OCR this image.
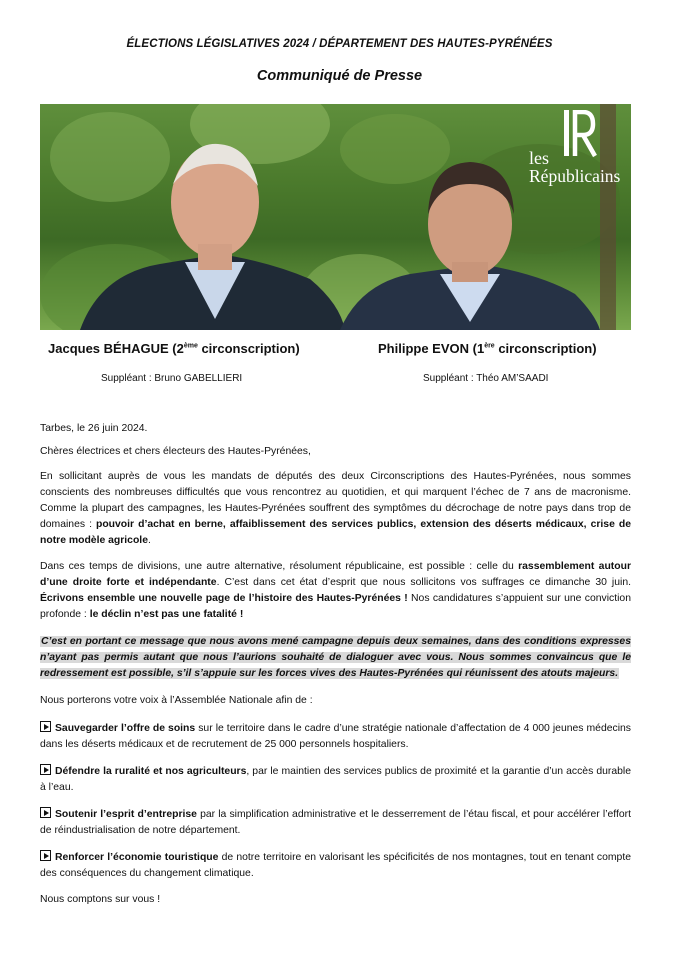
ÉLECTIONS LÉGISLATIVES 2024 / DÉPARTEMENT DES HAUTES-PYRÉNÉES
Communiqué de Presse
les
Républicains
Jacques BÉHAGUE (2ème circonscription)
Suppléant : Bruno GABELLIERI
Philippe EVON (1ère circonscription)
Suppléant : Théo AM’SAADI
Tarbes, le 26 juin 2024.
Chères électrices et chers électeurs des Hautes-Pyrénées,

En sollicitant auprès de vous les mandats de députés des deux Circonscriptions des Hautes-Pyrénées, nous sommes conscients des nombreuses difficultés que vous rencontrez au quotidien, et qui marquent l’échec de 7 ans de macronisme. Comme la plupart des campagnes, les Hautes-Pyrénées souffrent des symptômes du décrochage de notre pays dans trop de domaines : pouvoir d’achat en berne, affaiblissement des services publics, extension des déserts médicaux, crise de notre modèle agricole.

Dans ces temps de divisions, une autre alternative, résolument républicaine, est possible : celle du rassemblement autour d’une droite forte et indépendante. C’est dans cet état d’esprit que nous sollicitons vos suffrages ce dimanche 30 juin. Écrivons ensemble une nouvelle page de l’histoire des Hautes-Pyrénées ! Nos candidatures s’appuient sur une conviction profonde : le déclin n’est pas une fatalité !

C’est en portant ce message que nous avons mené campagne depuis deux semaines, dans des conditions expresses n’ayant pas permis autant que nous l’aurions souhaité de dialoguer avec vous. Nous sommes convaincus que le redressement est possible, s’il s’appuie sur les forces vives des Hautes-Pyrénées qui réunissent des atouts majeurs.

Nous porterons votre voix à l’Assemblée Nationale afin de :
Sauvegarder l’offre de soins sur le territoire dans le cadre d’une stratégie nationale d’affectation de 4 000 jeunes médecins dans les déserts médicaux et de recrutement de 25 000 personnels hospitaliers.
Défendre la ruralité et nos agriculteurs, par le maintien des services publics de proximité et la garantie d’un accès durable à l’eau.
Soutenir l’esprit d’entreprise par la simplification administrative et le desserrement de l’étau fiscal, et pour accélérer l’effort de réindustrialisation de notre département.
Renforcer l’économie touristique de notre territoire en valorisant les spécificités de nos montagnes, tout en tenant compte des conséquences du changement climatique.
Nous comptons sur vous !
